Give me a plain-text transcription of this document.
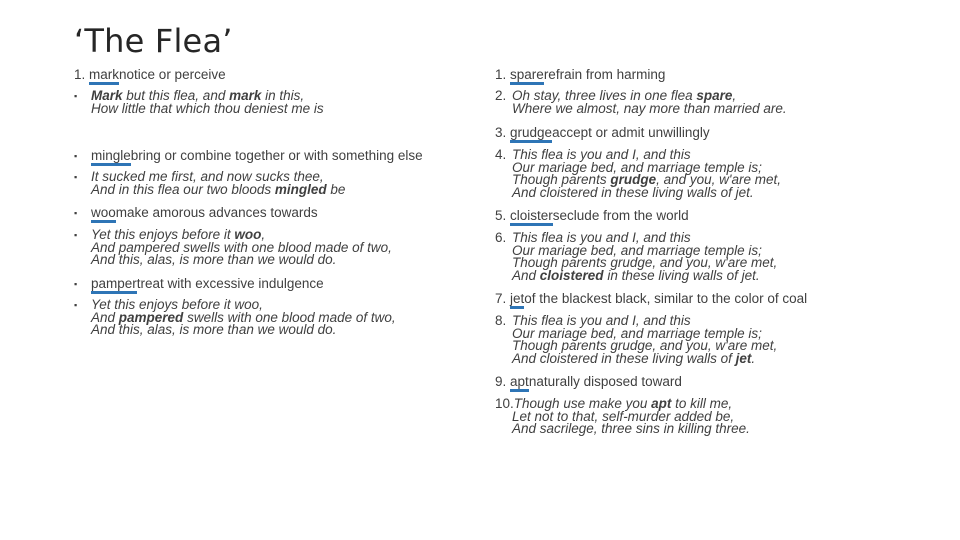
‘The Flea’
1. marknotice or perceive
▪ Mark but this flea, and mark in this,
How little that which thou deniest me is
▪ minglebring or combine together or with something else
▪ It sucked me first, and now sucks thee,
And in this flea our two bloods mingled be
▪ woomake amorous advances towards
▪ Yet this enjoys before it woo,
And pampered swells with one blood made of two,
And this, alas, is more than we would do.
▪ pampertreat with excessive indulgence
▪ Yet this enjoys before it woo,
And pampered swells with one blood made of two,
And this, alas, is more than we would do.
1. sparerefrain from harming
2. Oh stay, three lives in one flea spare,
Where we almost, nay more than married are.
3. grudgeaccept or admit unwillingly
4. This flea is you and I, and this
Our mariage bed, and marriage temple is;
Though parents grudge, and you, w'are met,
And cloistered in these living walls of jet.
5. cloisterseclude from the world
6. This flea is you and I, and this
Our mariage bed, and marriage temple is;
Though parents grudge, and you, w'are met,
And cloistered in these living walls of jet.
7. jetof the blackest black, similar to the color of coal
8. This flea is you and I, and this
Our mariage bed, and marriage temple is;
Though parents grudge, and you, w'are met,
And cloistered in these living walls of jet.
9. aptnaturally disposed toward
10.Though use make you apt to kill me,
Let not to that, self-murder added be,
And sacrilege, three sins in killing three.
